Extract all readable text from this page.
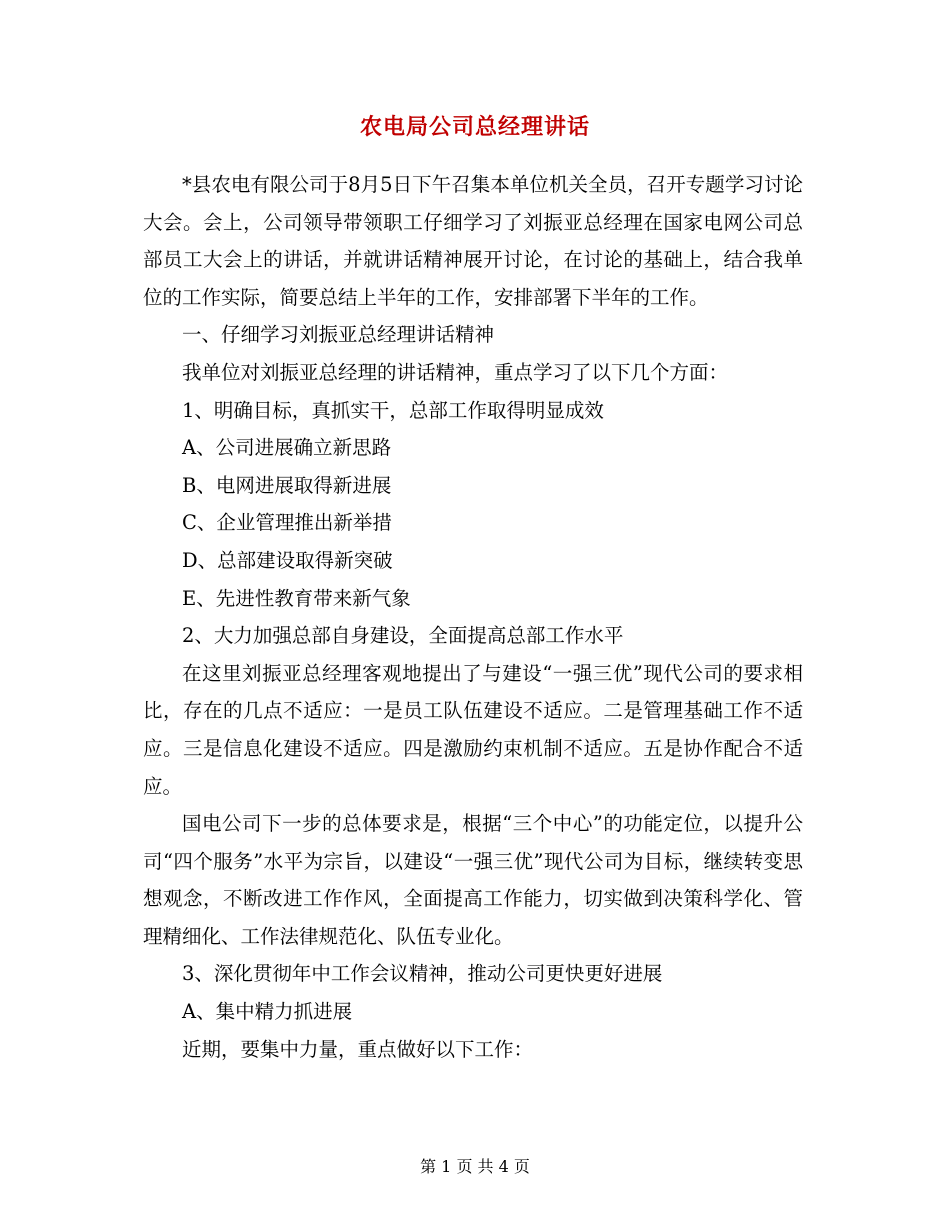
农电局公司总经理讲话

*县农电有限公司于8月5日下午召集本单位机关全员，召开专题学习讨论大会。会上，公司领导带领职工仔细学习了刘振亚总经理在国家电网公司总部员工大会上的讲话，并就讲话精神展开讨论，在讨论的基础上，结合我单位的工作实际，简要总结上半年的工作，安排部署下半年的工作。

一、仔细学习刘振亚总经理讲话精神

我单位对刘振亚总经理的讲话精神，重点学习了以下几个方面：

1、明确目标，真抓实干，总部工作取得明显成效

A、公司进展确立新思路

B、电网进展取得新进展

C、企业管理推出新举措

D、总部建设取得新突破

E、先进性教育带来新气象

2、大力加强总部自身建设，全面提高总部工作水平

在这里刘振亚总经理客观地提出了与建设“一强三优”现代公司的要求相比，存在的几点不适应：一是员工队伍建设不适应。二是管理基础工作不适应。三是信息化建设不适应。四是激励约束机制不适应。五是协作配合不适应。

国电公司下一步的总体要求是，根据“三个中心”的功能定位，以提升公司“四个服务”水平为宗旨，以建设“一强三优”现代公司为目标，继续转变思想观念，不断改进工作作风，全面提高工作能力，切实做到决策科学化、管理精细化、工作法律规范化、队伍专业化。

3、深化贯彻年中工作会议精神，推动公司更快更好进展

A、集中精力抓进展

近期，要集中力量，重点做好以下工作：

第 1 页 共 4 页
